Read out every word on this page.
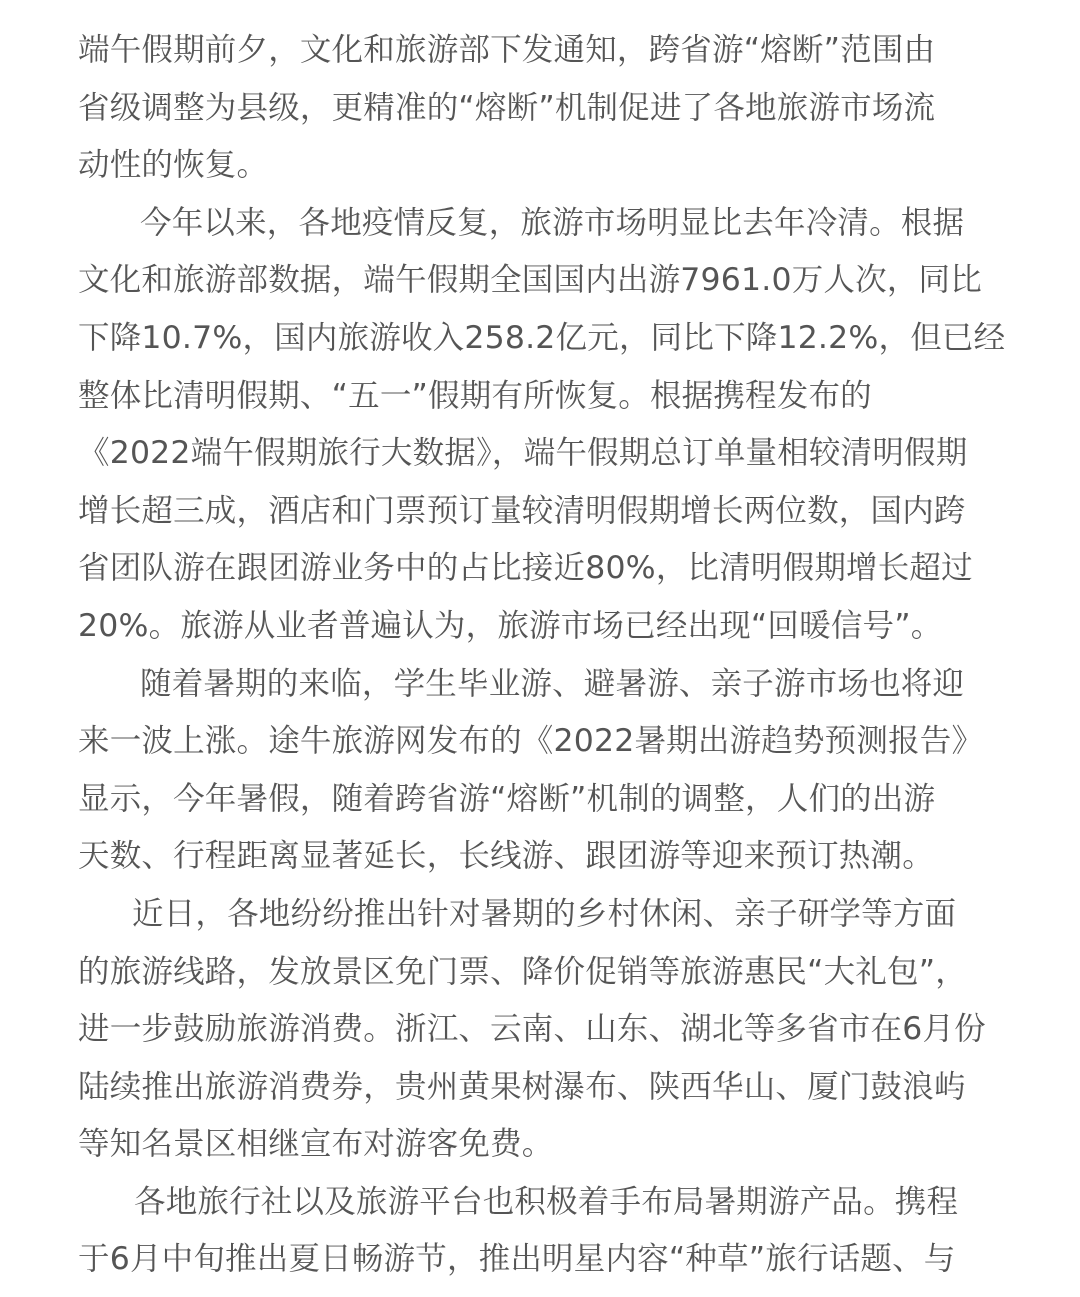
端午假期前夕，文化和旅游部下发通知，跨省游“熔断”范围由
省级调整为县级，更精准的“熔断”机制促进了各地旅游市场流
动性的恢复。
今年以来，各地疫情反复，旅游市场明显比去年冷清。根据
文化和旅游部数据，端午假期全国国内出游7961.0万人次，同比
下降10.7%，国内旅游收入258.2亿元，同比下降12.2%，但已经
整体比清明假期、“五一”假期有所恢复。根据携程发布的
《2022端午假期旅行大数据》，端午假期总订单量相较清明假期
增长超三成，酒店和门票预订量较清明假期增长两位数，国内跨
省团队游在跟团游业务中的占比接近80%，比清明假期增长超过
20%。旅游从业者普遍认为，旅游市场已经出现“回暖信号”。
随着暑期的来临，学生毕业游、避暑游、亲子游市场也将迎
来一波上涨。途牛旅游网发布的《2022暑期出游趋势预测报告》
显示，今年暑假，随着跨省游“熔断”机制的调整，人们的出游
天数、行程距离显著延长，长线游、跟团游等迎来预订热潮。
近日，各地纷纷推出针对暑期的乡村休闲、亲子研学等方面
的旅游线路，发放景区免门票、降价促销等旅游惠民“大礼包”，
进一步鼓励旅游消费。浙江、云南、山东、湖北等多省市在6月份
陆续推出旅游消费券，贵州黄果树瀑布、陕西华山、厦门鼓浪屿
等知名景区相继宣布对游客免费。
各地旅行社以及旅游平台也积极着手布局暑期游产品。携程
于6月中旬推出夏日畅游节，推出明星内容“种草”旅行话题、与
